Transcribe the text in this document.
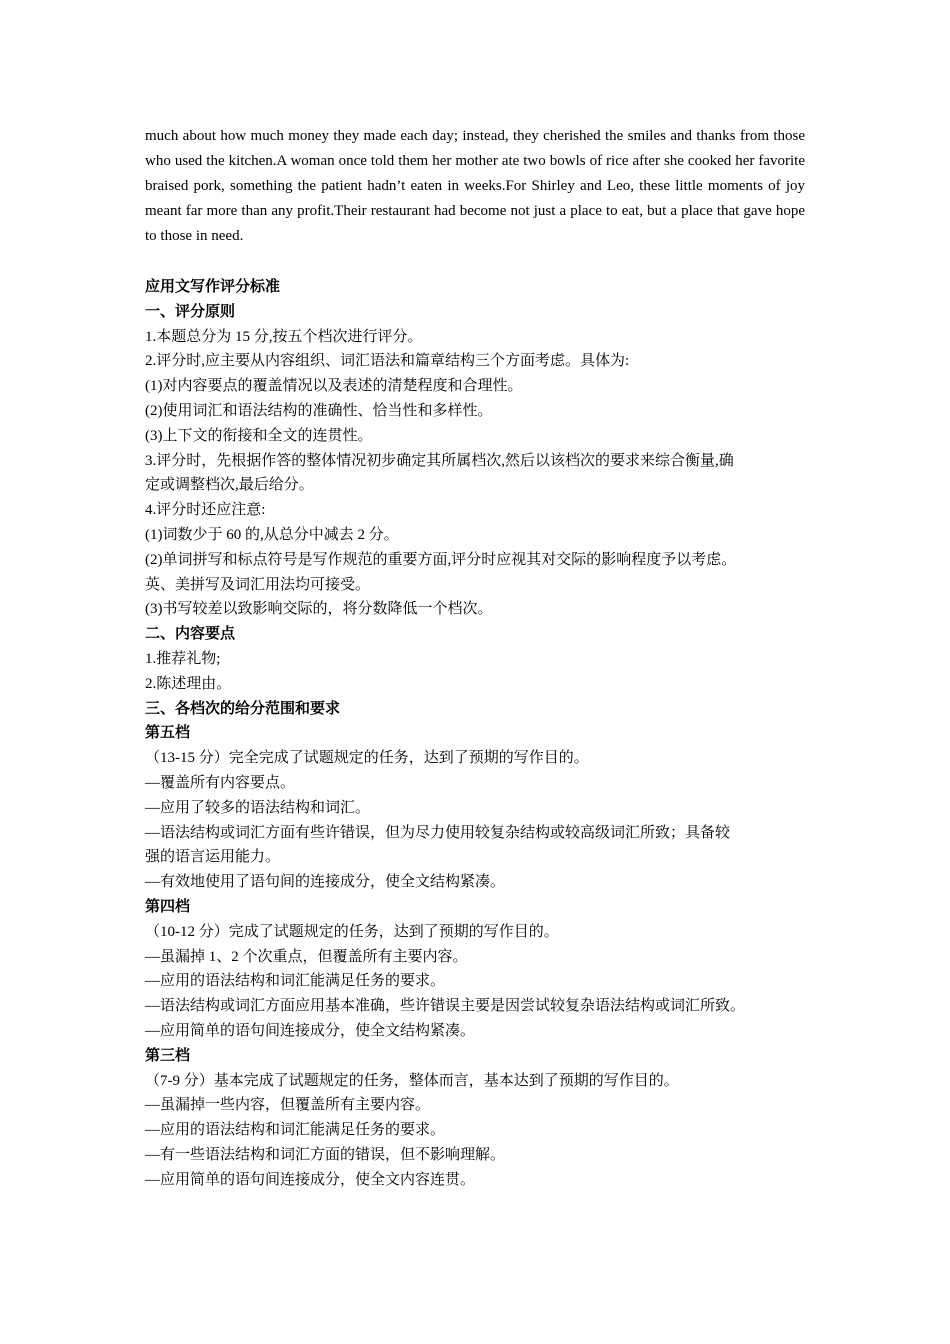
much about how much money they made each day; instead, they cherished the smiles and thanks from those who used the kitchen.A woman once told them her mother ate two bowls of rice after she cooked her favorite braised pork, something the patient hadn’t eaten in weeks.For Shirley and Leo, these little moments of joy meant far more than any profit.Their restaurant had become not just a place to eat, but a place that gave hope to those in need.

应用文写作评分标准
一、评分原则
1.本题总分为 15 分,按五个档次进行评分。
2.评分时,应主要从内容组织、词汇语法和篇章结构三个方面考虑。具体为:
(1)对内容要点的覆盖情况以及表述的清楚程度和合理性。
(2)使用词汇和语法结构的准确性、恰当性和多样性。
(3)上下文的衔接和全文的连贯性。
3.评分时，先根据作答的整体情况初步确定其所属档次,然后以该档次的要求来综合衡量,确
定或调整档次,最后给分。
4.评分时还应注意:
(1)词数少于 60 的,从总分中减去 2 分。
(2)单词拼写和标点符号是写作规范的重要方面,评分时应视其对交际的影响程度予以考虑。
英、美拼写及词汇用法均可接受。
(3)书写较差以致影响交际的，将分数降低一个档次。
二、内容要点
1.推荐礼物;
2.陈述理由。
三、各档次的给分范围和要求
第五档
（13-15 分）完全完成了试题规定的任务，达到了预期的写作目的。
—覆盖所有内容要点。
—应用了较多的语法结构和词汇。
—语法结构或词汇方面有些许错误，但为尽力使用较复杂结构或较高级词汇所致；具备较
强的语言运用能力。
—有效地使用了语句间的连接成分，使全文结构紧凑。
第四档
（10-12 分）完成了试题规定的任务，达到了预期的写作目的。
—虽漏掉 1、2 个次重点，但覆盖所有主要内容。
—应用的语法结构和词汇能满足任务的要求。
—语法结构或词汇方面应用基本准确，些许错误主要是因尝试较复杂语法结构或词汇所致。
—应用简单的语句间连接成分，使全文结构紧凑。
第三档
（7-9 分）基本完成了试题规定的任务，整体而言，基本达到了预期的写作目的。
—虽漏掉一些内容，但覆盖所有主要内容。
—应用的语法结构和词汇能满足任务的要求。
—有一些语法结构和词汇方面的错误，但不影响理解。
—应用简单的语句间连接成分，使全文内容连贯。
